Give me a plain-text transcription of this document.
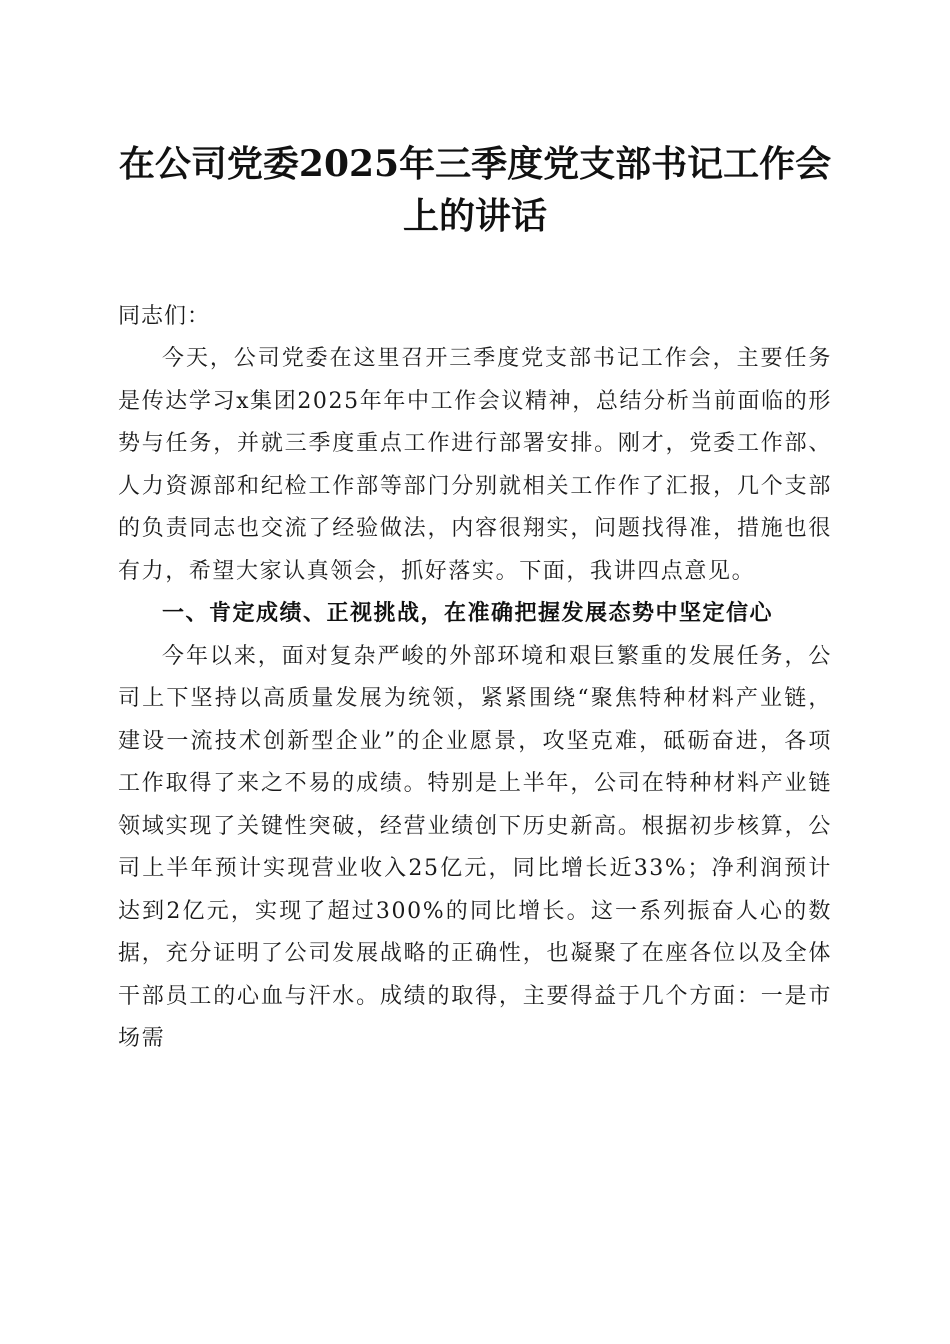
在公司党委2025年三季度党支部书记工作会上的讲话

同志们：

今天，公司党委在这里召开三季度党支部书记工作会，主要任务是传达学习x集团2025年年中工作会议精神，总结分析当前面临的形势与任务，并就三季度重点工作进行部署安排。刚才，党委工作部、人力资源部和纪检工作部等部门分别就相关工作作了汇报，几个支部的负责同志也交流了经验做法，内容很翔实，问题找得准，措施也很有力，希望大家认真领会，抓好落实。下面，我讲四点意见。

一、肯定成绩、正视挑战，在准确把握发展态势中坚定信心

今年以来，面对复杂严峻的外部环境和艰巨繁重的发展任务，公司上下坚持以高质量发展为统领，紧紧围绕“聚焦特种材料产业链，建设一流技术创新型企业”的企业愿景，攻坚克难，砥砺奋进，各项工作取得了来之不易的成绩。特别是上半年，公司在特种材料产业链领域实现了关键性突破，经营业绩创下历史新高。根据初步核算，公司上半年预计实现营业收入25亿元，同比增长近33%；净利润预计达到2亿元，实现了超过300%的同比增长。这一系列振奋人心的数据，充分证明了公司发展战略的正确性，也凝聚了在座各位以及全体干部员工的心血与汗水。成绩的取得，主要得益于几个方面：一是市场需
